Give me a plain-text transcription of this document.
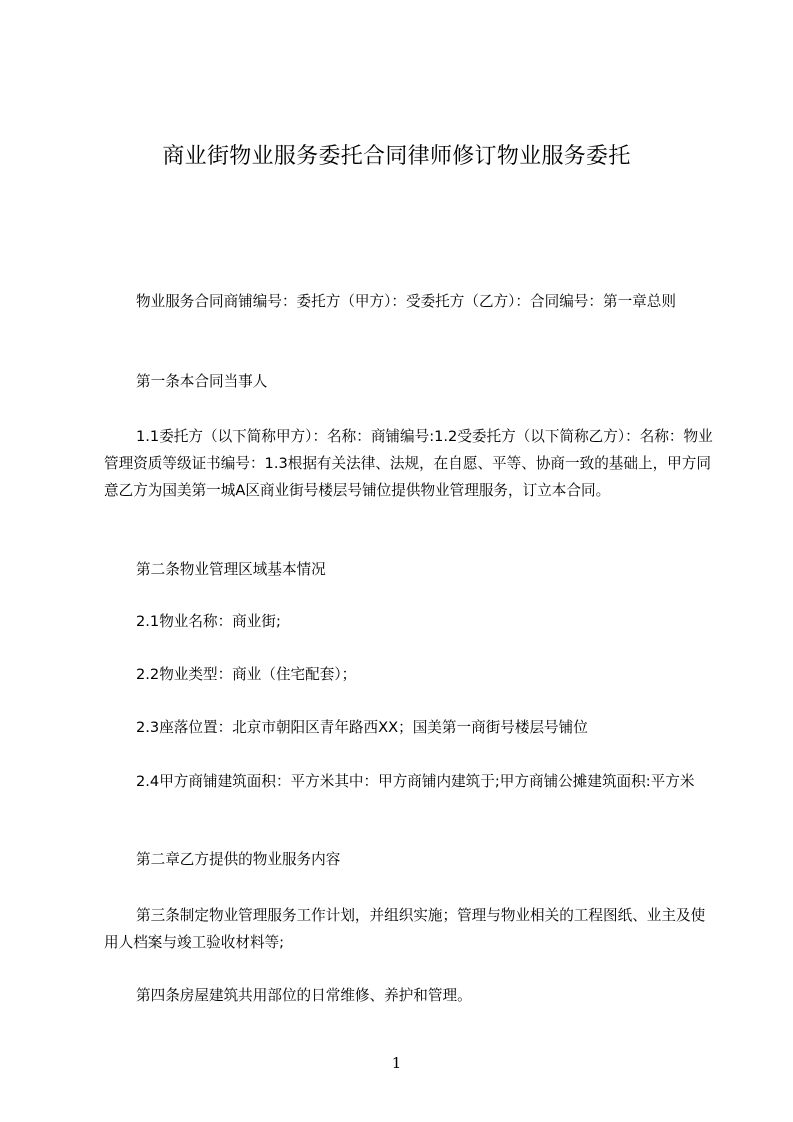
商业街物业服务委托合同律师修订物业服务委托
物业服务合同商铺编号：委托方（甲方）：受委托方（乙方）：合同编号：第一章总则
第一条本合同当事人
1.1委托方（以下简称甲方）：名称：商铺编号:1.2受委托方（以下简称乙方）：名称：物业管理资质等级证书编号：1.3根据有关法律、法规，在自愿、平等、协商一致的基础上，甲方同意乙方为国美第一城A区商业街号楼层号铺位提供物业管理服务，订立本合同。
第二条物业管理区域基本情况
2.1物业名称：商业街;
2.2物业类型：商业（住宅配套）；
2.3座落位置：北京市朝阳区青年路西XX；国美第一商街号楼层号铺位
2.4甲方商铺建筑面积：平方米其中：甲方商铺内建筑于;甲方商铺公摊建筑面积:平方米
第二章乙方提供的物业服务内容
第三条制定物业管理服务工作计划，并组织实施；管理与物业相关的工程图纸、业主及使用人档案与竣工验收材料等;
第四条房屋建筑共用部位的日常维修、养护和管理。
1
